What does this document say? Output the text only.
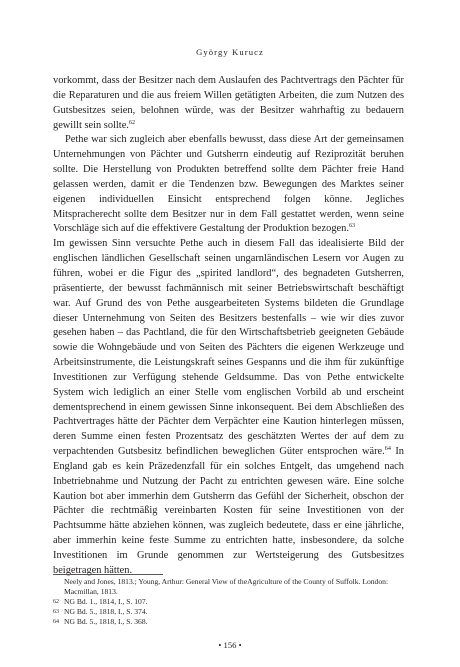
György Kurucz

vorkommt, dass der Besitzer nach dem Auslaufen des Pachtvertrags den Pächter für die Reparaturen und die aus freiem Willen getätigten Arbeiten, die zum Nutzen des Gutsbesitzes seien, belohnen würde, was der Besitzer wahrhaftig zu bedauern gewillt sein sollte.$^{62}$

Pethe war sich zugleich aber ebenfalls bewusst, dass diese Art der gemeinsamen Unternehmungen von Pächter und Gutsherrn eindeutig auf Reziprozität beruhen sollte. Die Herstellung von Produkten betreffend sollte dem Pächter freie Hand gelassen werden, damit er die Tendenzen bzw. Bewegungen des Marktes seiner eigenen individuellen Einsicht entsprechend folgen könne. Jegliches Mitspracherecht sollte dem Besitzer nur in dem Fall gestattet werden, wenn seine Vorschläge sich auf die effektivere Gestaltung der Produktion bezogen.$^{63}$

Im gewissen Sinn versuchte Pethe auch in diesem Fall das idealisierte Bild der englischen ländlichen Gesellschaft seinen ungarnländischen Lesern vor Augen zu führen, wobei er die Figur des „spirited landlord“, des begnadeten Gutsherren, präsentierte, der bewusst fachmännisch mit seiner Betriebswirtschaft beschäftigt war. Auf Grund des von Pethe ausgearbeiteten Systems bildeten die Grundlage dieser Unternehmung von Seiten des Besitzers bestenfalls – wie wir dies zuvor gesehen haben – das Pachtland, die für den Wirtschaftsbetrieb geeigneten Gebäude sowie die Wohngebäude und von Seiten des Pächters die eigenen Werkzeuge und Arbeitsinstrumente, die Leistungskraft seines Gespanns und die ihm für zukünftige Investitionen zur Verfügung stehende Geldsumme. Das von Pethe entwickelte System wich lediglich an einer Stelle vom englischen Vorbild ab und erscheint dementsprechend in einem gewissen Sinne inkonsequent. Bei dem Abschließen des Pachtvertrages hätte der Pächter dem Verpächter eine Kaution hinterlegen müssen, deren Summe einen festen Prozentsatz des geschätzten Wertes der auf dem zu verpachtenden Gutsbesitz befindlichen beweglichen Güter entsprochen wäre.$^{64}$ In England gab es kein Präzedenzfall für ein solches Entgelt, das umgehend nach Inbetriebnahme und Nutzung der Pacht zu entrichten gewesen wäre. Eine solche Kaution bot aber immerhin dem Gutsherrn das Gefühl der Sicherheit, obschon der Pächter die rechtmäßig vereinbarten Kosten für seine Investitionen von der Pachtsumme hätte abziehen können, was zugleich bedeutete, dass er eine jährliche, aber immerhin keine feste Summe zu entrichten hatte, insbesondere, da solche Investitionen im Grunde genommen zur Wertsteigerung des Gutsbesitzes beigetragen hätten.

Neely and Jones, 1813.; Young, Arthur: General View of theAgriculture of the County of Suffolk. London: Macmillan, 1813.

62 NG Bd. 1., 1814, I., S. 107.

63 NG Bd. 5., 1818, I., S. 374.

64 NG Bd. 5., 1818, I., S. 368.

• 156 •
